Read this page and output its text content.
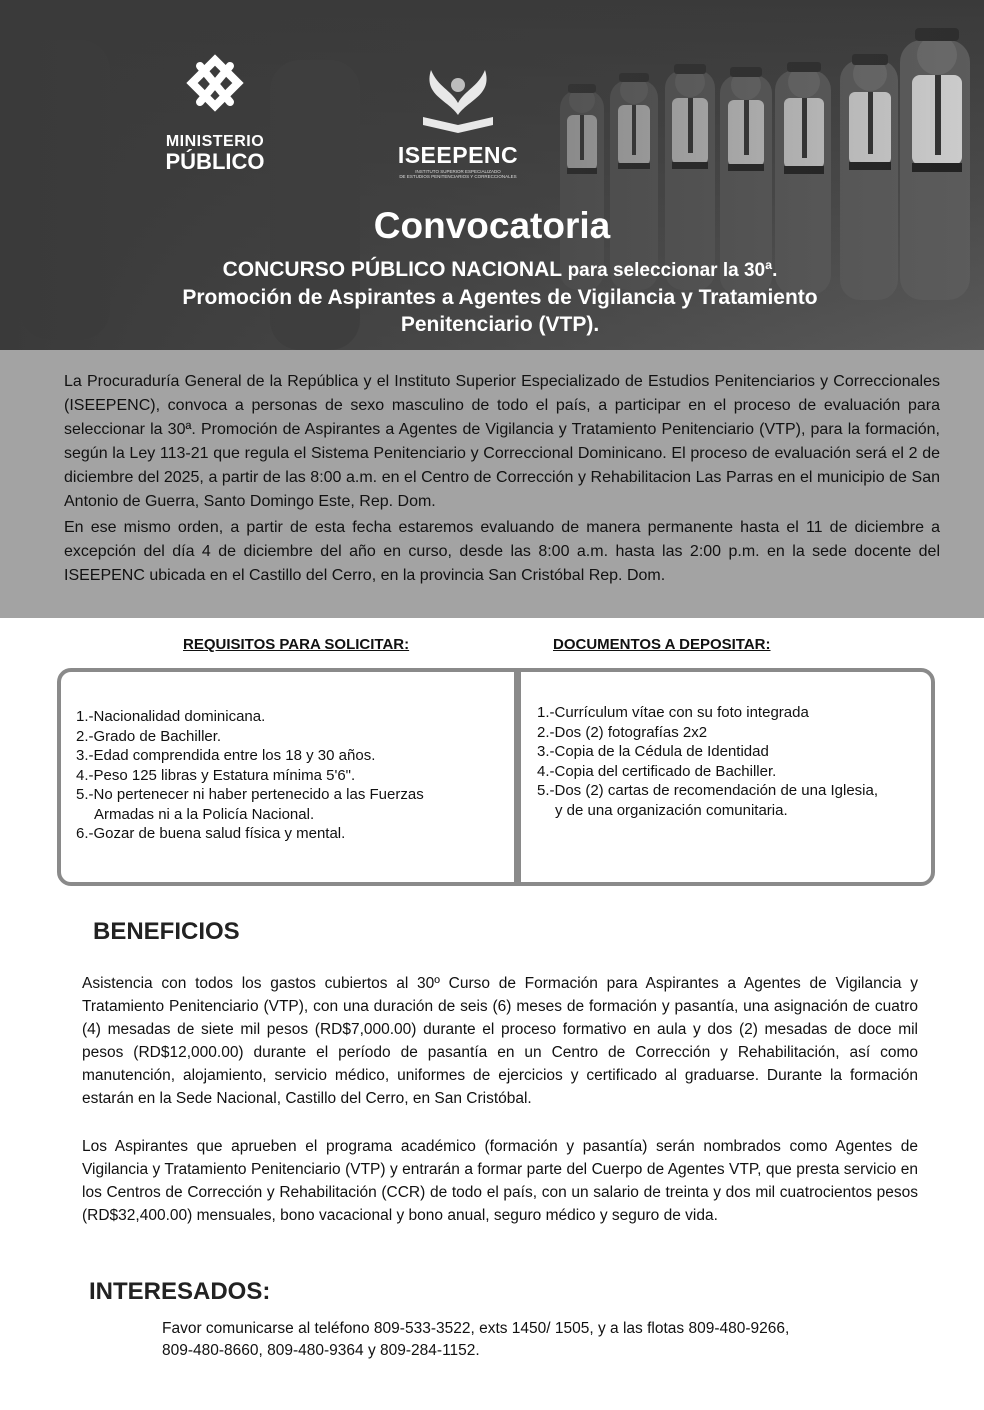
MINISTERIO
PÚBLICO	ISEEPENC
INSTITUTO SUPERIOR ESPECIALIZADO
DE ESTUDIOS PENITENCIARIOS Y CORRECCIONALES
Convocatoria
CONCURSO PÚBLICO NACIONAL para seleccionar la 30ª.
Promoción de Aspirantes a Agentes de Vigilancia y Tratamiento
Penitenciario (VTP).

La Procuraduría General de la República y el Instituto Superior Especializado de Estudios Penitenciarios y Correccionales (ISEEPENC), convoca a personas de sexo masculino de todo el país, a participar en el proceso de evaluación para seleccionar la 30ª. Promoción de Aspirantes a Agentes de Vigilancia y Tratamiento Penitenciario (VTP), para la formación, según la Ley 113-21 que regula el Sistema Penitenciario y Correccional Dominicano. El proceso de evaluación será el 2 de diciembre del 2025, a partir de las 8:00 a.m. en el Centro de Corrección y Rehabilitacion Las Parras en el municipio de San Antonio de Guerra, Santo Domingo Este, Rep. Dom.

En ese mismo orden, a partir de esta fecha estaremos evaluando de manera permanente hasta el 11 de diciembre a excepción del día 4 de diciembre del año en curso, desde las 8:00 a.m. hasta las 2:00 p.m. en la sede docente del ISEEPENC ubicada en el Castillo del Cerro, en la provincia San Cristóbal Rep. Dom.

REQUISITOS PARA SOLICITAR:	DOCUMENTOS A DEPOSITAR:
1.-Nacionalidad dominicana.
2.-Grado de Bachiller.
3.-Edad comprendida entre los 18 y 30 años.
4.-Peso 125 libras y Estatura mínima 5'6".
5.-No pertenecer ni haber pertenecido a las Fuerzas
Armadas ni a la Policía Nacional.
6.-Gozar de buena salud física y mental.
1.-Currículum vítae con su foto integrada
2.-Dos (2) fotografías 2x2
3.-Copia de la Cédula de Identidad
4.-Copia del certificado de Bachiller.
5.-Dos (2) cartas de recomendación de una Iglesia,
y de una organización comunitaria.
BENEFICIOS

Asistencia con todos los gastos cubiertos al 30º Curso de Formación para Aspirantes a Agentes de Vigilancia y Tratamiento Penitenciario (VTP), con una duración de seis (6) meses de formación y pasantía, una asignación de cuatro (4) mesadas de siete mil pesos (RD$7,000.00) durante el proceso formativo en aula y dos (2) mesadas de doce mil pesos (RD$12,000.00) durante el período de pasantía en un Centro de Corrección y Rehabilitación, así como manutención, alojamiento, servicio médico, uniformes de ejercicios y certificado al graduarse. Durante la formación estarán en la Sede Nacional, Castillo del Cerro, en San Cristóbal.

Los Aspirantes que aprueben el programa académico (formación y pasantía) serán nombrados como Agentes de Vigilancia y Tratamiento Penitenciario (VTP) y entrarán a formar parte del Cuerpo de Agentes VTP, que presta servicio en los Centros de Corrección y Rehabilitación (CCR) de todo el país, con un salario de treinta y dos mil cuatrocientos pesos (RD$32,400.00) mensuales, bono vacacional y bono anual, seguro médico y seguro de vida.

INTERESADOS:
Favor comunicarse al teléfono 809-533-3522, exts 1450/ 1505, y a las flotas 809-480-9266,
809-480-8660, 809-480-9364 y 809-284-1152.
